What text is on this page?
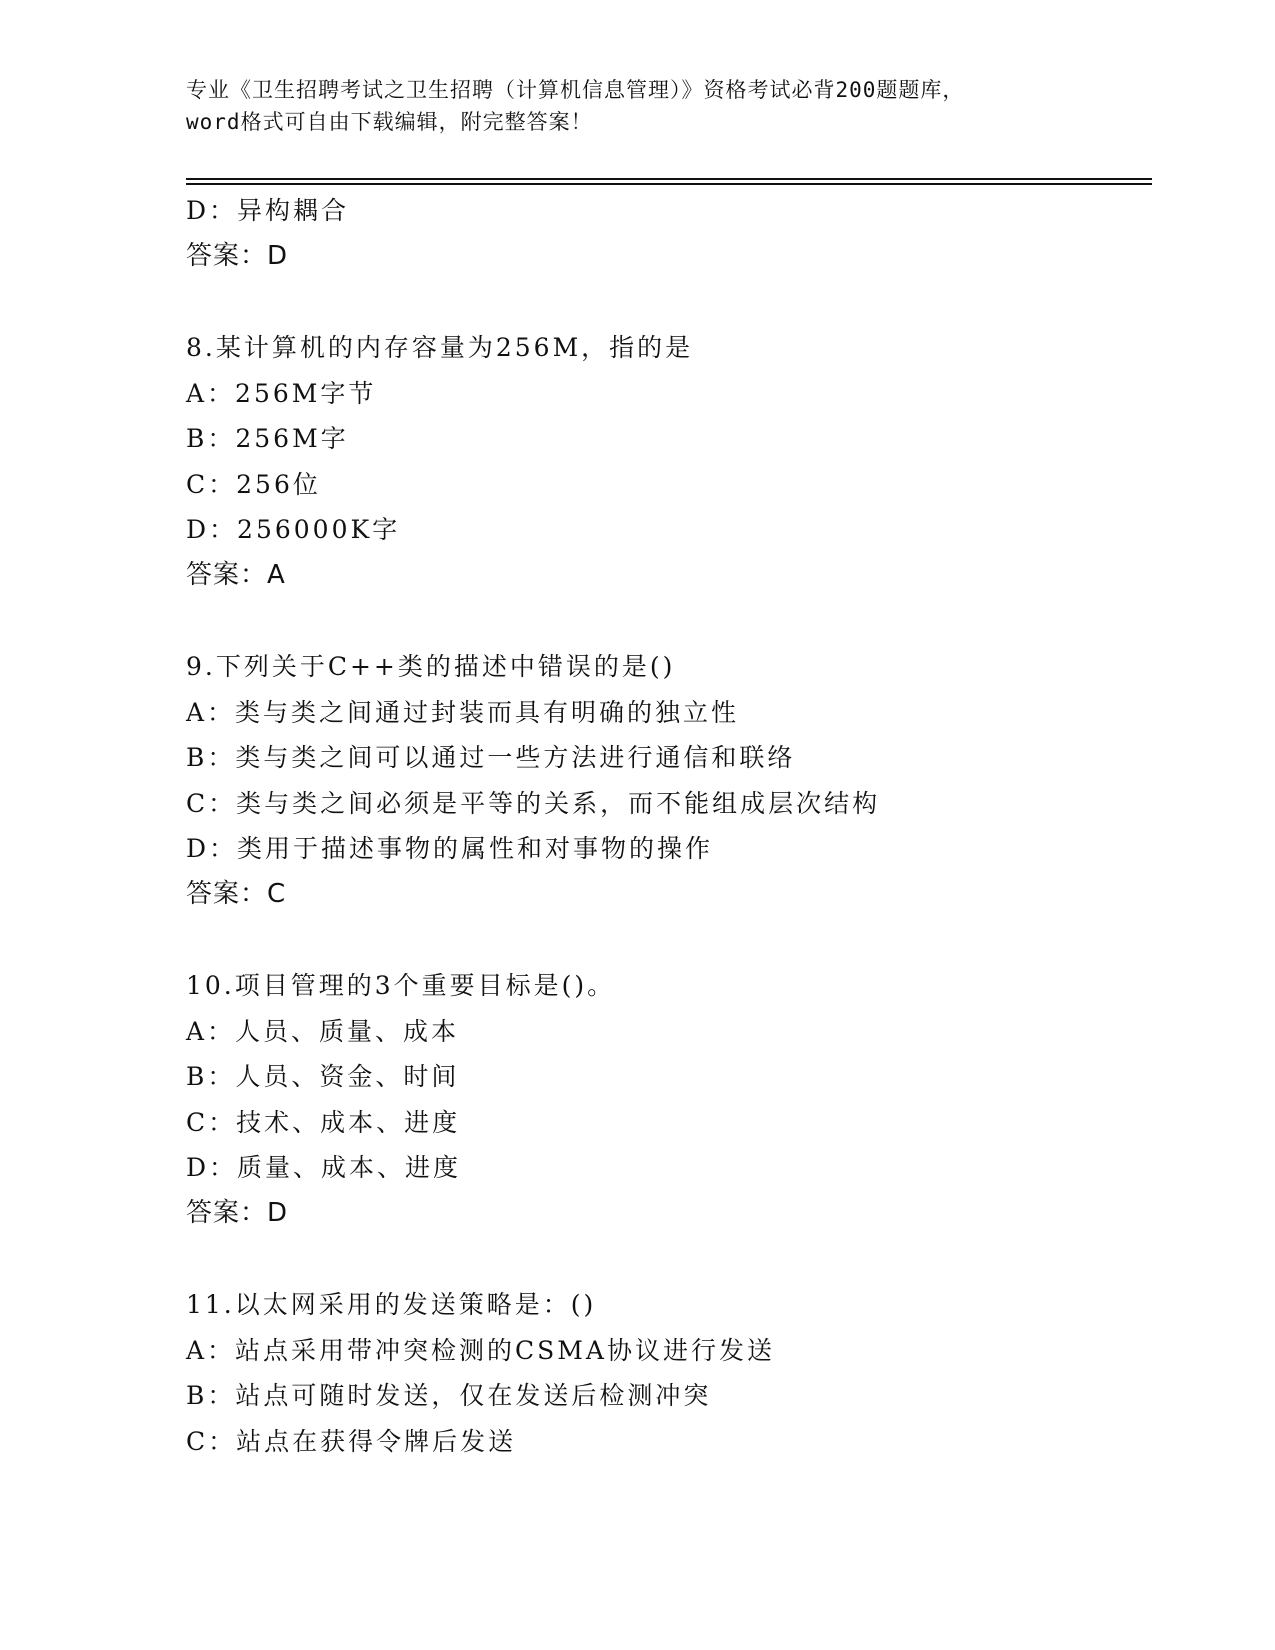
专业《卫生招聘考试之卫生招聘（计算机信息管理）》资格考试必背200题题库，
word格式可自由下载编辑，附完整答案！
D：异构耦合
答案：D
8.某计算机的内存容量为256M，指的是
A：256M字节
B：256M字
C：256位
D：256000K字
答案：A
9.下列关于C++类的描述中错误的是()
A：类与类之间通过封装而具有明确的独立性
B：类与类之间可以通过一些方法进行通信和联络
C：类与类之间必须是平等的关系，而不能组成层次结构
D：类用于描述事物的属性和对事物的操作
答案：C
10.项目管理的3个重要目标是()。
A：人员、质量、成本
B：人员、资金、时间
C：技术、成本、进度
D：质量、成本、进度
答案：D
11.以太网采用的发送策略是：()
A：站点采用带冲突检测的CSMA协议进行发送
B：站点可随时发送，仅在发送后检测冲突
C：站点在获得令牌后发送
